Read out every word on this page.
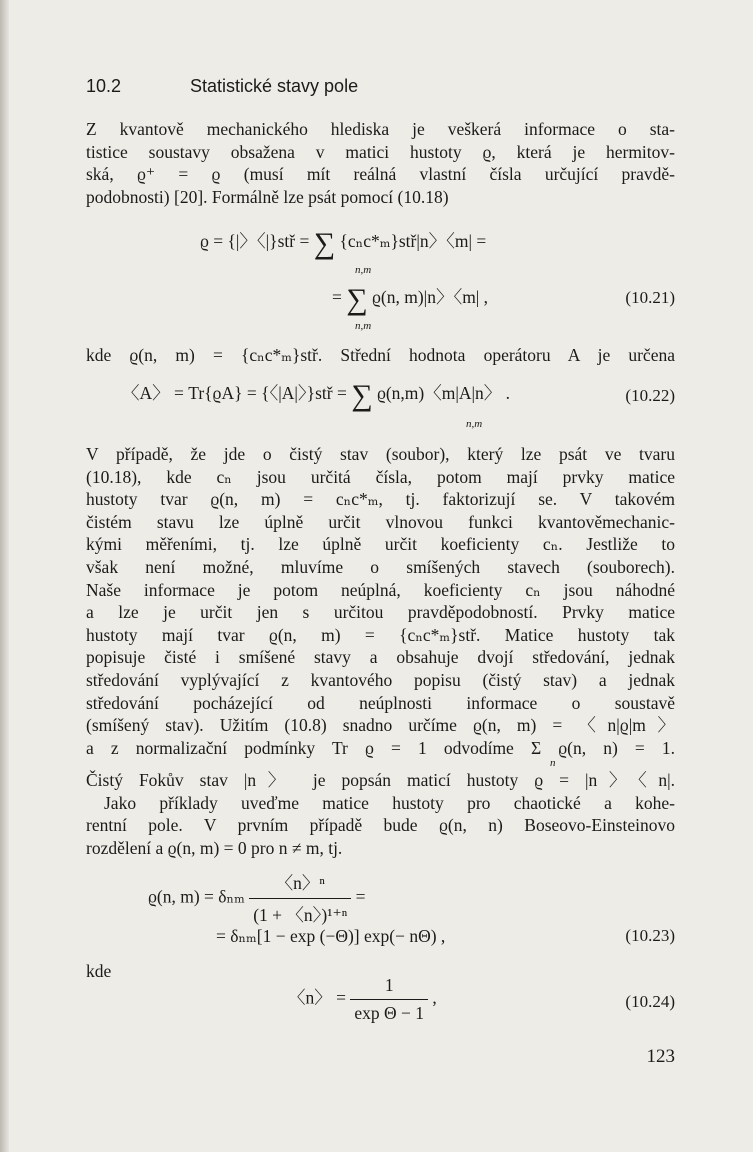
10.2	Statistické stavy pole
Z kvantově mechanického hlediska je veškerá informace o sta-
tistice soustavy obsažena v matici hustoty ϱ, která je hermitov-
ská, ϱ⁺ = ϱ (musí mít reálná vlastní čísla určující pravdě-
podobnosti) [20]. Formálně lze psát pomocí (10.18)
ϱ = {|〉〈|}stř = ∑ {cₙc*ₘ}stř|n〉〈m| =
n,m
= ∑ ϱ(n, m)|n〉〈m| ,
n,m
(10.21)
kde ϱ(n, m) = {cₙc*ₘ}stř. Střední hodnota operátoru A je určena
〈A〉 = Tr{ϱA} = {〈|A|〉}stř = ∑ ϱ(n,m)〈m|A|n〉 .
n,m
(10.22)
V případě, že jde o čistý stav (soubor), který lze psát ve tvaru
(10.18), kde cₙ jsou určitá čísla, potom mají prvky matice
hustoty tvar ϱ(n, m) = cₙc*ₘ, tj. faktorizují se. V takovém
čistém stavu lze úplně určit vlnovou funkci kvantověmechanic-
kými měřeními, tj. lze úplně určit koeficienty cₙ. Jestliže to
však není možné, mluvíme o smíšených stavech (souborech).
Naše informace je potom neúplná, koeficienty cₙ jsou náhodné
a lze je určit jen s určitou pravděpodobností. Prvky matice
hustoty mají tvar ϱ(n, m) = {cₙc*ₘ}stř. Matice hustoty tak
popisuje čisté i smíšené stavy a obsahuje dvojí středování, jednak
středování vyplývající z kvantového popisu (čistý stav) a jednak
středování pocházející od neúplnosti informace o soustavě
(smíšený stav). Užitím (10.8) snadno určíme ϱ(n, m) = 〈n|ϱ|m〉
a z normalizační podmínky Tr ϱ = 1 odvodíme Σ ϱ(n, n) = 1.
n
Čistý Fokův stav |n〉 je popsán maticí hustoty ϱ = |n〉〈n|.
Jako příklady uveďme matice hustoty pro chaotické a kohe-
rentní pole. V prvním případě bude ϱ(n, n) Boseovo-Einsteinovo
rozdělení a ϱ(n, m) = 0 pro n ≠ m, tj.
ϱ(n, m) = δₙₘ $\frac{\text{〈n〉ⁿ}}{\text{(1 + 〈n〉)¹⁺ⁿ}}$ =
= δₙₘ[1 − exp (−Θ)] exp(− nΘ) ,	(10.23)
kde
〈n〉 = $\frac{1}{\text{exp Θ − 1}}$ ,	(10.24)
123
